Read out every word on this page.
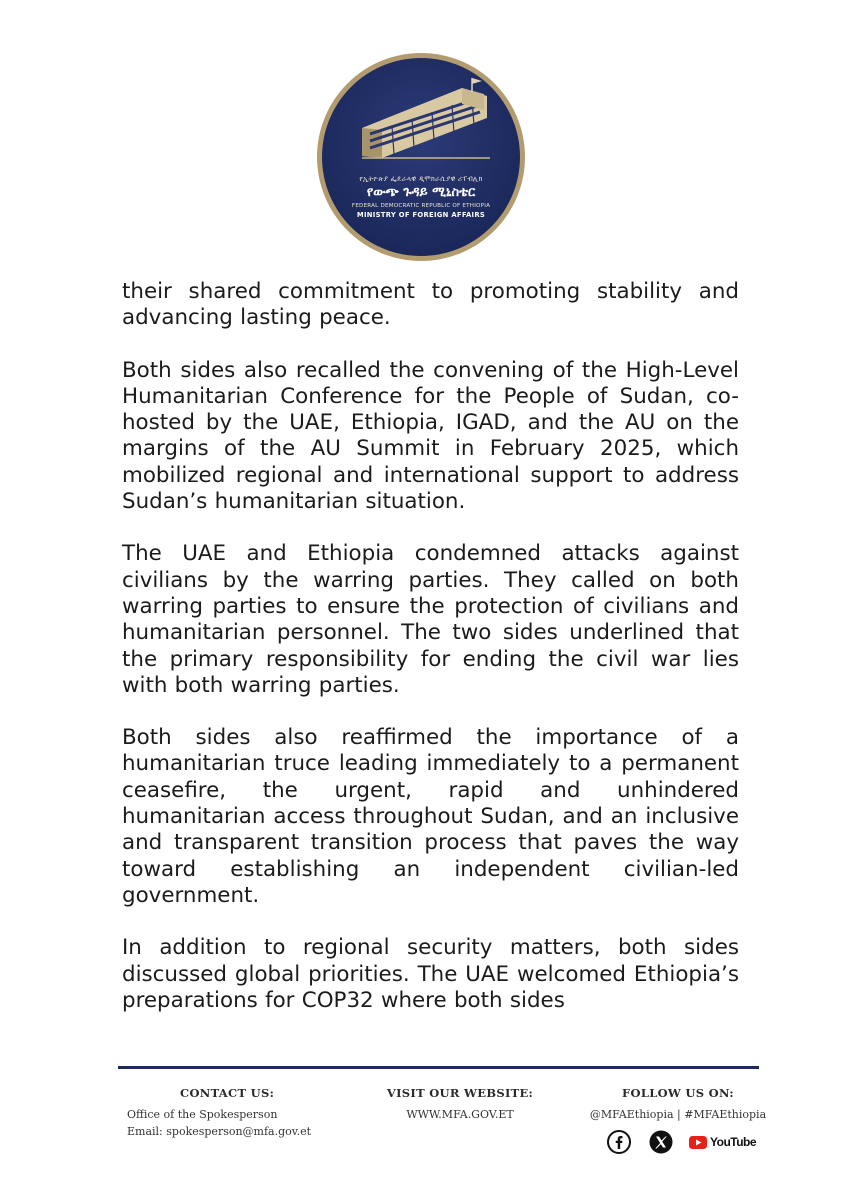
የኢትዮጵያ ፌዴራላዊ ዲሞክራሲያዊ ሪፐብሊክ
የውጭ ጉዳይ ሚኒስቴር
FEDERAL DEMOCRATIC REPUBLIC OF ETHIOPIA
MINISTRY OF FOREIGN AFFAIRS

their shared commitment to promoting stability and advancing lasting peace.

Both sides also recalled the convening of the High-Level Humanitarian Conference for the People of Sudan, co-hosted by the UAE, Ethiopia, IGAD, and the AU on the margins of the AU Summit in February 2025, which mobilized regional and international support to address Sudan’s humanitarian situation.

The UAE and Ethiopia condemned attacks against civilians by the warring parties. They called on both warring parties to ensure the protection of civilians and humanitarian personnel. The two sides underlined that the primary responsibility for ending the civil war lies with both warring parties.

Both sides also reaffirmed the importance of a humanitarian truce leading immediately to a permanent ceasefire, the urgent, rapid and unhindered humanitarian access throughout Sudan, and an inclusive and transparent transition process that paves the way toward establishing an independent civilian-led government.

In addition to regional security matters, both sides discussed global priorities. The UAE welcomed Ethiopia’s preparations for COP32 where both sides

CONTACT US:
Office of the Spokesperson
Email: spokesperson@mfa.gov.et
VISIT OUR WEBSITE:
WWW.MFA.GOV.ET
FOLLOW US ON:
@MFAEthiopia | #MFAEthiopia
YouTube
